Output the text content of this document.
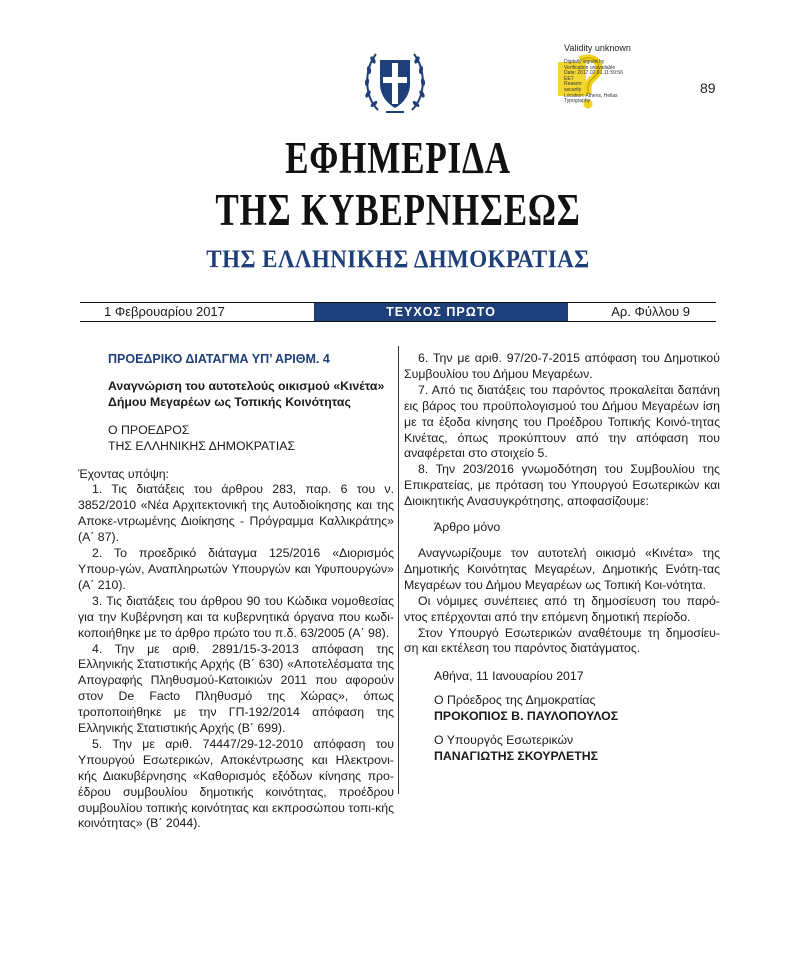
Validity unknown
Digitally signed by
Verification unavailable
Date: 2017.02.01 11:59:56
EET
Reason:
security
Location: Athens, Hellas
Typography
89
ΕΦΗΜΕΡΙΔΑ
ΤΗΣ ΚΥΒΕΡΝΗΣΕΩΣ
ΤΗΣ ΕΛΛΗΝΙΚΗΣ ΔΗΜΟΚΡΑΤΙΑΣ
1 Φεβρουαρίου 2017	ΤΕΥΧΟΣ ΠΡΩΤΟ	Αρ. Φύλλου 9
ΠΡΟΕΔΡΙΚΟ ΔΙΑΤΑΓΜΑ ΥΠ’ ΑΡΙΘΜ. 4
Αναγνώριση του αυτοτελούς οικισμού «Κινέτα»
Δήμου Μεγαρέων ως Τοπικής Κοινότητας
Ο ΠΡΟΕΔΡΟΣ
ΤΗΣ ΕΛΛΗΝΙΚΗΣ ΔΗΜΟΚΡΑΤΙΑΣ
Έχοντας υπόψη:

1. Τις διατάξεις του άρθρου 283, παρ. 6 του ν. 3852/2010 «Νέα Αρχιτεκτονική της Αυτοδιοίκησης και της Αποκε-ντρωμένης Διοίκησης - Πρόγραμμα Καλλικράτης» (Α΄ 87).

2. Το προεδρικό διάταγμα 125/2016 «Διορισμός Υπουρ-γών, Αναπληρωτών Υπουργών και Υφυπουργών» (Α΄ 210).

3. Τις διατάξεις του άρθρου 90 του Κώδικα νομοθεσίας για την Κυβέρνηση και τα κυβερνητικά όργανα που κωδι-κοποιήθηκε με το άρθρο πρώτο του π.δ. 63/2005 (Α΄ 98).

4. Την με αριθ. 2891/15-3-2013 απόφαση της Ελληνικής Στατιστικής Αρχής (Β΄ 630) «Αποτελέσματα της Απογραφής Πληθυσμού-Κατοικιών 2011 που αφορούν στον De Facto Πληθυσμό της Χώρας», όπως τροποποιήθηκε με την ΓΠ-192/2014 απόφαση της Ελληνικής Στατιστικής Αρχής (Β΄ 699).

5. Την με αριθ. 74447/29-12-2010 απόφαση του Υπουργού Εσωτερικών, Αποκέντρωσης και Ηλεκτρονι-κής Διακυβέρνησης «Καθορισμός εξόδων κίνησης προ-έδρου συμβουλίου δημοτικής κοινότητας, προέδρου συμβουλίου τοπικής κοινότητας και εκπροσώπου τοπι-κής κοινότητας» (Β΄ 2044).

6. Την με αριθ. 97/20-7-2015 απόφαση του Δημοτικού Συμβουλίου του Δήμου Μεγαρέων.

7. Από τις διατάξεις του παρόντος προκαλείται δαπάνη εις βάρος του προϋπολογισμού του Δήμου Μεγαρέων ίση με τα έξοδα κίνησης του Προέδρου Τοπικής Κοινό-τητας Κινέτας, όπως προκύπτουν από την απόφαση που αναφέρεται στο στοιχείο 5.

8. Την 203/2016 γνωμοδότηση του Συμβουλίου της Επικρατείας, με πρόταση του Υπουργού Εσωτερικών και Διοικητικής Ανασυγκρότησης, αποφασίζουμε:

Άρθρο μόνο

Αναγνωρίζουμε τον αυτοτελή οικισμό «Κινέτα» της Δημοτικής Κοινότητας Μεγαρέων, Δημοτικής Ενότη-τας Μεγαρέων του Δήμου Μεγαρέων ως Τοπική Κοι-νότητα.

Οι νόμιμες συνέπειες από τη δημοσίευση του παρό-ντος επέρχονται από την επόμενη δημοτική περίοδο.

Στον Υπουργό Εσωτερικών αναθέτουμε τη δημοσίευ-ση και εκτέλεση του παρόντος διατάγματος.

Αθήνα, 11 Ιανουαρίου 2017
Ο Πρόεδρος της Δημοκρατίας
ΠΡΟΚΟΠΙΟΣ Β. ΠΑΥΛΟΠΟΥΛΟΣ
Ο Υπουργός Εσωτερικών
ΠΑΝΑΓΙΩΤΗΣ ΣΚΟΥΡΛΕΤΗΣ
